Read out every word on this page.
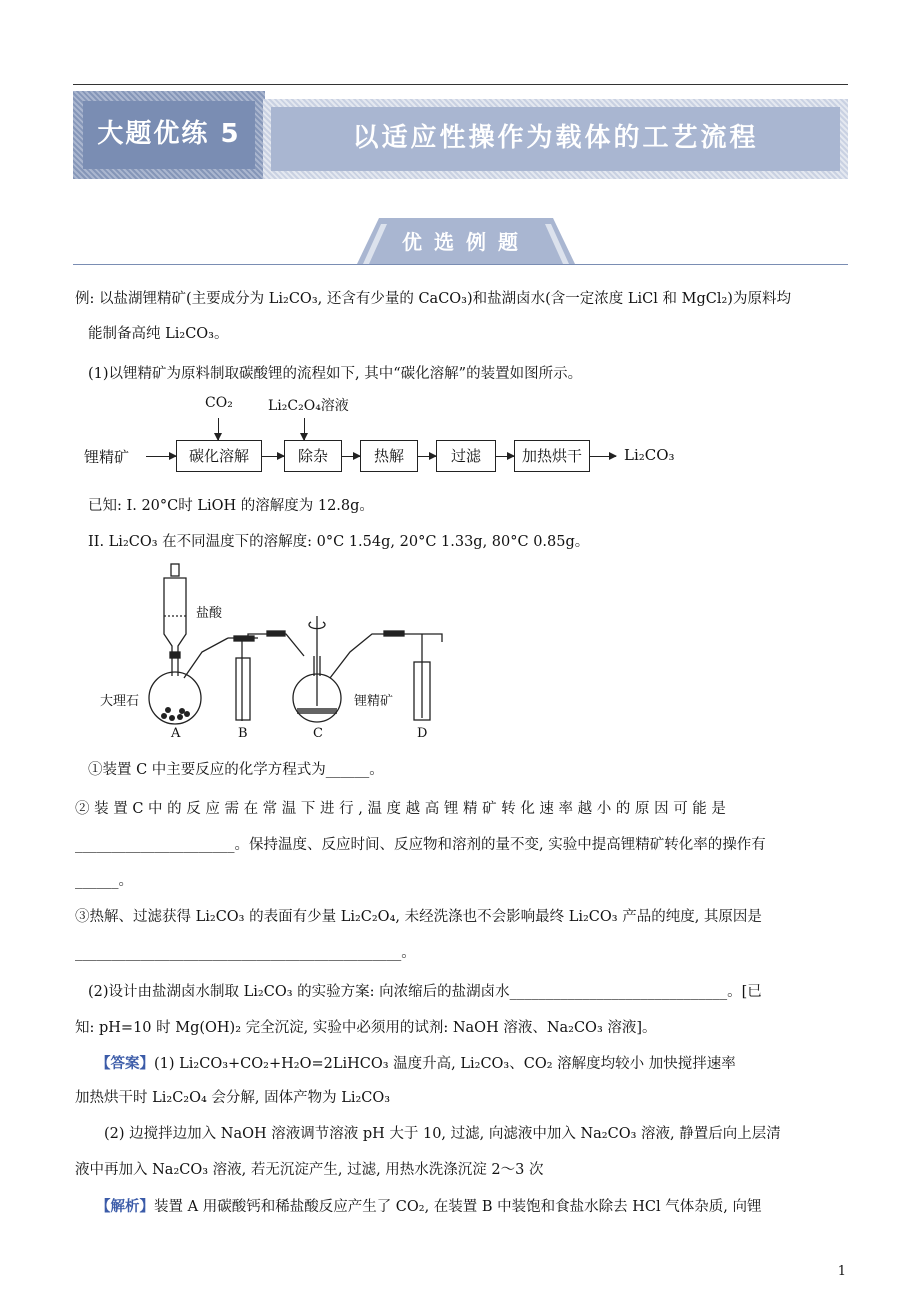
大题优练 5	以适应性操作为载体的工艺流程
优选例题
例: 以盐湖锂精矿(主要成分为 Li₂CO₃, 还含有少量的 CaCO₃)和盐湖卤水(含一定浓度 LiCl 和 MgCl₂)为原料均
能制备高纯 Li₂CO₃。
(1)以锂精矿为原料制取碳酸锂的流程如下, 其中“碳化溶解”的装置如图所示。
CO₂	Li₂C₂O₄溶液
锂精矿	碳化溶解	除杂	热解	过滤	加热烘干	Li₂CO₃
已知: I. 20°C时 LiOH 的溶解度为 12.8g。
II. Li₂CO₃ 在不同温度下的溶解度: 0°C 1.54g, 20°C 1.33g, 80°C 0.85g。
盐酸
大理石	锂精矿
A	B	C	D
①装置 C 中主要反应的化学方程式为______。
② 装 置 C 中 的 反 应 需 在 常 温 下 进 行 , 温 度 越 高 锂 精 矿 转 化 速 率 越 小 的 原 因 可 能 是
______________________。保持温度、反应时间、反应物和溶剂的量不变, 实验中提高锂精矿转化率的操作有
______。
③热解、过滤获得 Li₂CO₃ 的表面有少量 Li₂C₂O₄, 未经洗涤也不会影响最终 Li₂CO₃ 产品的纯度, 其原因是
_____________________________________________。
(2)设计由盐湖卤水制取 Li₂CO₃ 的实验方案: 向浓缩后的盐湖卤水______________________________。[已
知: pH=10 时 Mg(OH)₂ 完全沉淀, 实验中必须用的试剂: NaOH 溶液、Na₂CO₃ 溶液]。
【答案】(1) Li₂CO₃+CO₂+H₂O=2LiHCO₃ 温度升高, Li₂CO₃、CO₂ 溶解度均较小 加快搅拌速率
加热烘干时 Li₂C₂O₄ 会分解, 固体产物为 Li₂CO₃
(2) 边搅拌边加入 NaOH 溶液调节溶液 pH 大于 10, 过滤, 向滤液中加入 Na₂CO₃ 溶液, 静置后向上层清
液中再加入 Na₂CO₃ 溶液, 若无沉淀产生, 过滤, 用热水洗涤沉淀 2～3 次
【解析】装置 A 用碳酸钙和稀盐酸反应产生了 CO₂, 在装置 B 中装饱和食盐水除去 HCl 气体杂质, 向锂
1
